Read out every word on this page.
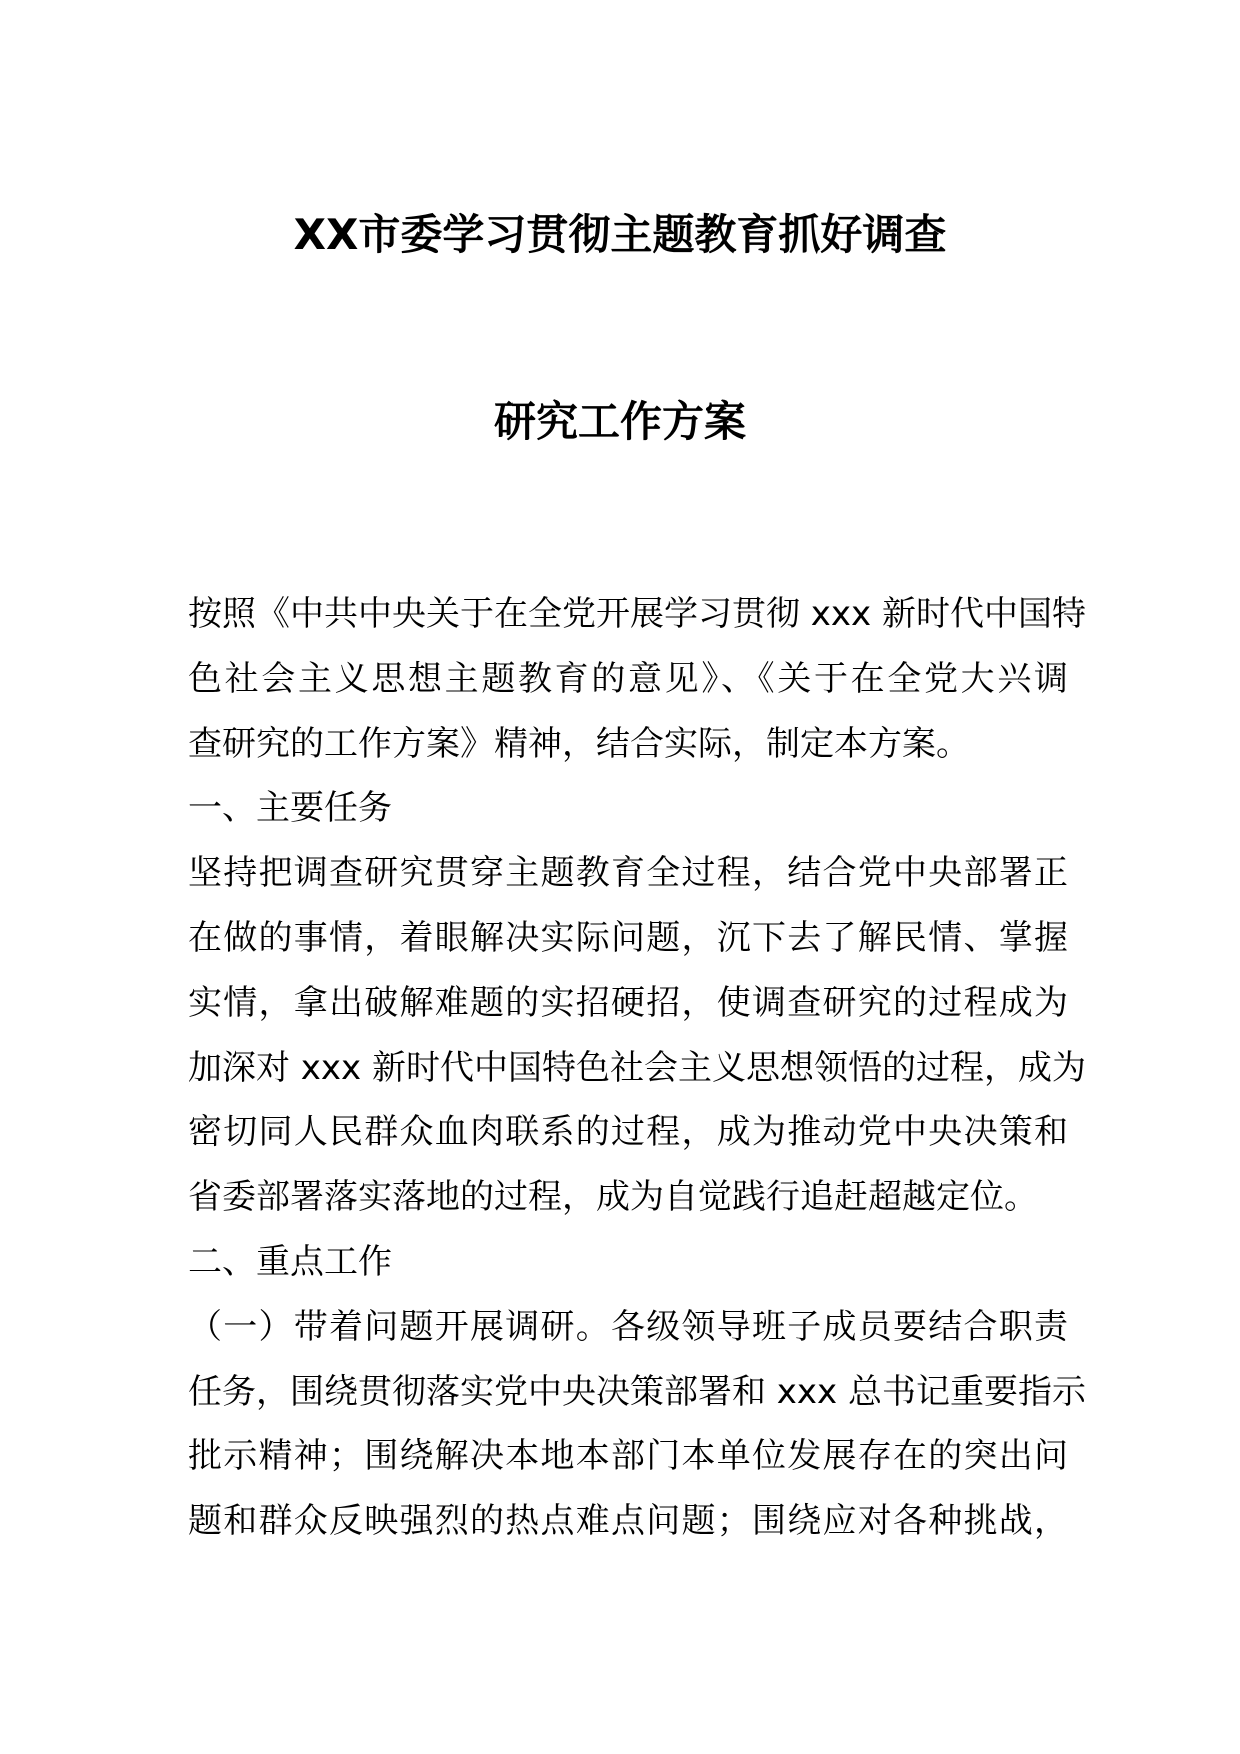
XX市委学习贯彻主题教育抓好调查
研究工作方案

按照《中共中央关于在全党开展学习贯彻 xxx 新时代中国特
色社会主义思想主题教育的意见》、《关于在全党大兴调
查研究的工作方案》精神，结合实际，制定本方案。

一、主要任务

坚持把调查研究贯穿主题教育全过程，结合党中央部署正
在做的事情，着眼解决实际问题，沉下去了解民情、掌握
实情，拿出破解难题的实招硬招，使调查研究的过程成为
加深对 xxx 新时代中国特色社会主义思想领悟的过程，成为
密切同人民群众血肉联系的过程，成为推动党中央决策和
省委部署落实落地的过程，成为自觉践行追赶超越定位。

二、重点工作

（一）带着问题开展调研。各级领导班子成员要结合职责
任务，围绕贯彻落实党中央决策部署和 xxx 总书记重要指示
批示精神；围绕解决本地本部门本单位发展存在的突出问
题和群众反映强烈的热点难点问题；围绕应对各种挑战，
